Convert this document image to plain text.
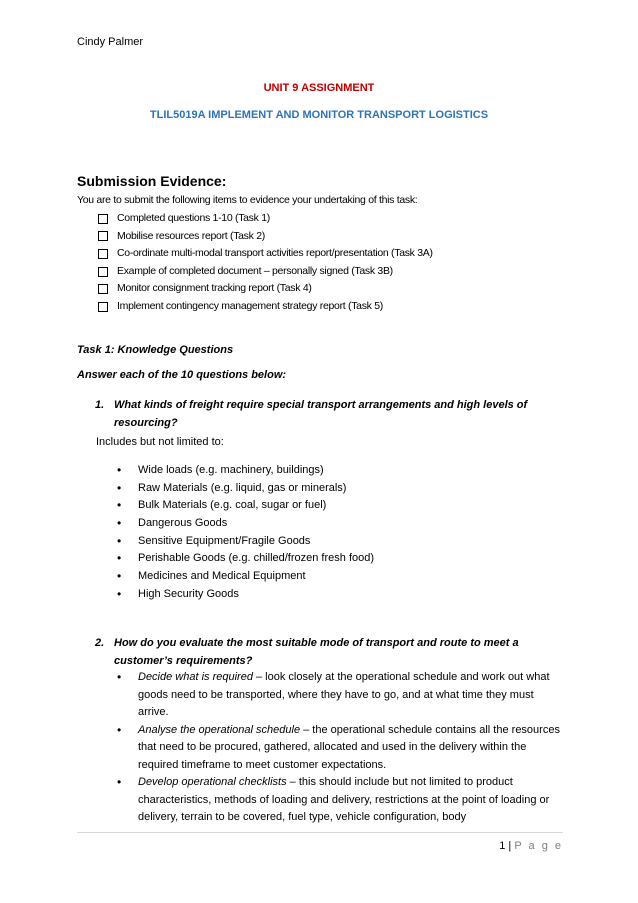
Cindy Palmer
UNIT 9 ASSIGNMENT
TLIL5019A IMPLEMENT AND MONITOR TRANSPORT LOGISTICS
Submission Evidence:
You are to submit the following items to evidence your undertaking of this task:
Completed questions 1-10 (Task 1)
Mobilise resources report (Task 2)
Co-ordinate multi-modal transport activities report/presentation (Task 3A)
Example of completed document – personally signed (Task 3B)
Monitor consignment tracking report (Task 4)
Implement contingency management strategy report (Task 5)
Task 1: Knowledge Questions
Answer each of the 10 questions below:
1. What kinds of freight require special transport arrangements and high levels of resourcing?
Includes but not limited to:
• Wide loads (e.g. machinery, buildings)
• Raw Materials (e.g. liquid, gas or minerals)
• Bulk Materials (e.g. coal, sugar or fuel)
• Dangerous Goods
• Sensitive Equipment/Fragile Goods
• Perishable Goods (e.g. chilled/frozen fresh food)
• Medicines and Medical Equipment
• High Security Goods
2. How do you evaluate the most suitable mode of transport and route to meet a customer’s requirements?
• Decide what is required – look closely at the operational schedule and work out what goods need to be transported, where they have to go, and at what time they must arrive.
• Analyse the operational schedule – the operational schedule contains all the resources that need to be procured, gathered, allocated and used in the delivery within the required timeframe to meet customer expectations.
• Develop operational checklists – this should include but not limited to product characteristics, methods of loading and delivery, restrictions at the point of loading or delivery, terrain to be covered, fuel type, vehicle configuration, body
1 | P a g e
